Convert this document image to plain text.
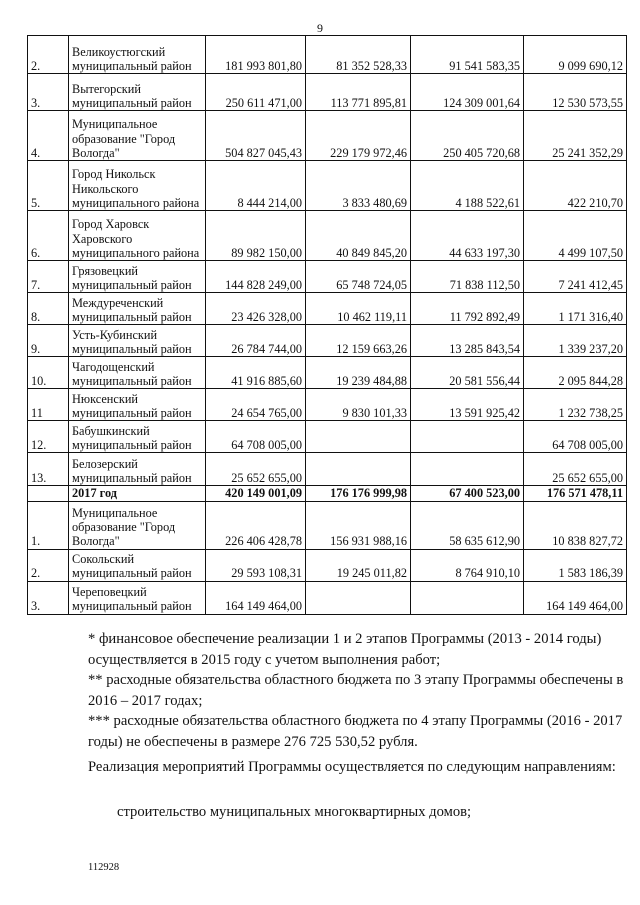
9
2.	Великоустюгский муниципальный район	181 993 801,80	81 352 528,33	91 541 583,35	9 099 690,12
3.	Вытегорский муниципальный район	250 611 471,00	113 771 895,81	124 309 001,64	12 530 573,55
4.	Муниципальное образование "Город Вологда"	504 827 045,43	229 179 972,46	250 405 720,68	25 241 352,29
5.	Город Никольск Никольского муниципального района	8 444 214,00	3 833 480,69	4 188 522,61	422 210,70
6.	Город Харовск Харовского муниципального района	89 982 150,00	40 849 845,20	44 633 197,30	4 499 107,50
7.	Грязовецкий муниципальный район	144 828 249,00	65 748 724,05	71 838 112,50	7 241 412,45
8.	Междуреченский муниципальный район	23 426 328,00	10 462 119,11	11 792 892,49	1 171 316,40
9.	Усть-Кубинский муниципальный район	26 784 744,00	12 159 663,26	13 285 843,54	1 339 237,20
10.	Чагодощенский муниципальный район	41 916 885,60	19 239 484,88	20 581 556,44	2 095 844,28
11	Нюксенский муниципальный район	24 654 765,00	9 830 101,33	13 591 925,42	1 232 738,25
12.	Бабушкинский муниципальный район	64 708 005,00			64 708 005,00
13.	Белозерский муниципальный район	25 652 655,00			25 652 655,00
	2017 год	420 149 001,09	176 176 999,98	67 400 523,00	176 571 478,11
1.	Муниципальное образование "Город Вологда"	226 406 428,78	156 931 988,16	58 635 612,90	10 838 827,72
2.	Сокольский муниципальный район	29 593 108,31	19 245 011,82	8 764 910,10	1 583 186,39
3.	Череповецкий муниципальный район	164 149 464,00			164 149 464,00

* финансовое обеспечение реализации 1 и 2 этапов Программы (2013 - 2014 годы) осуществляется в 2015 году с учетом выполнения работ;

** расходные обязательства областного бюджета по 3 этапу Программы обеспечены в 2016 – 2017 годах;

*** расходные обязательства областного бюджета по 4 этапу Программы (2016 - 2017 годы) не обеспечены в размере 276 725 530,52 рубля.

Реализация мероприятий Программы осуществляется по следующим направлениям:

строительство муниципальных многоквартирных домов;
112928
